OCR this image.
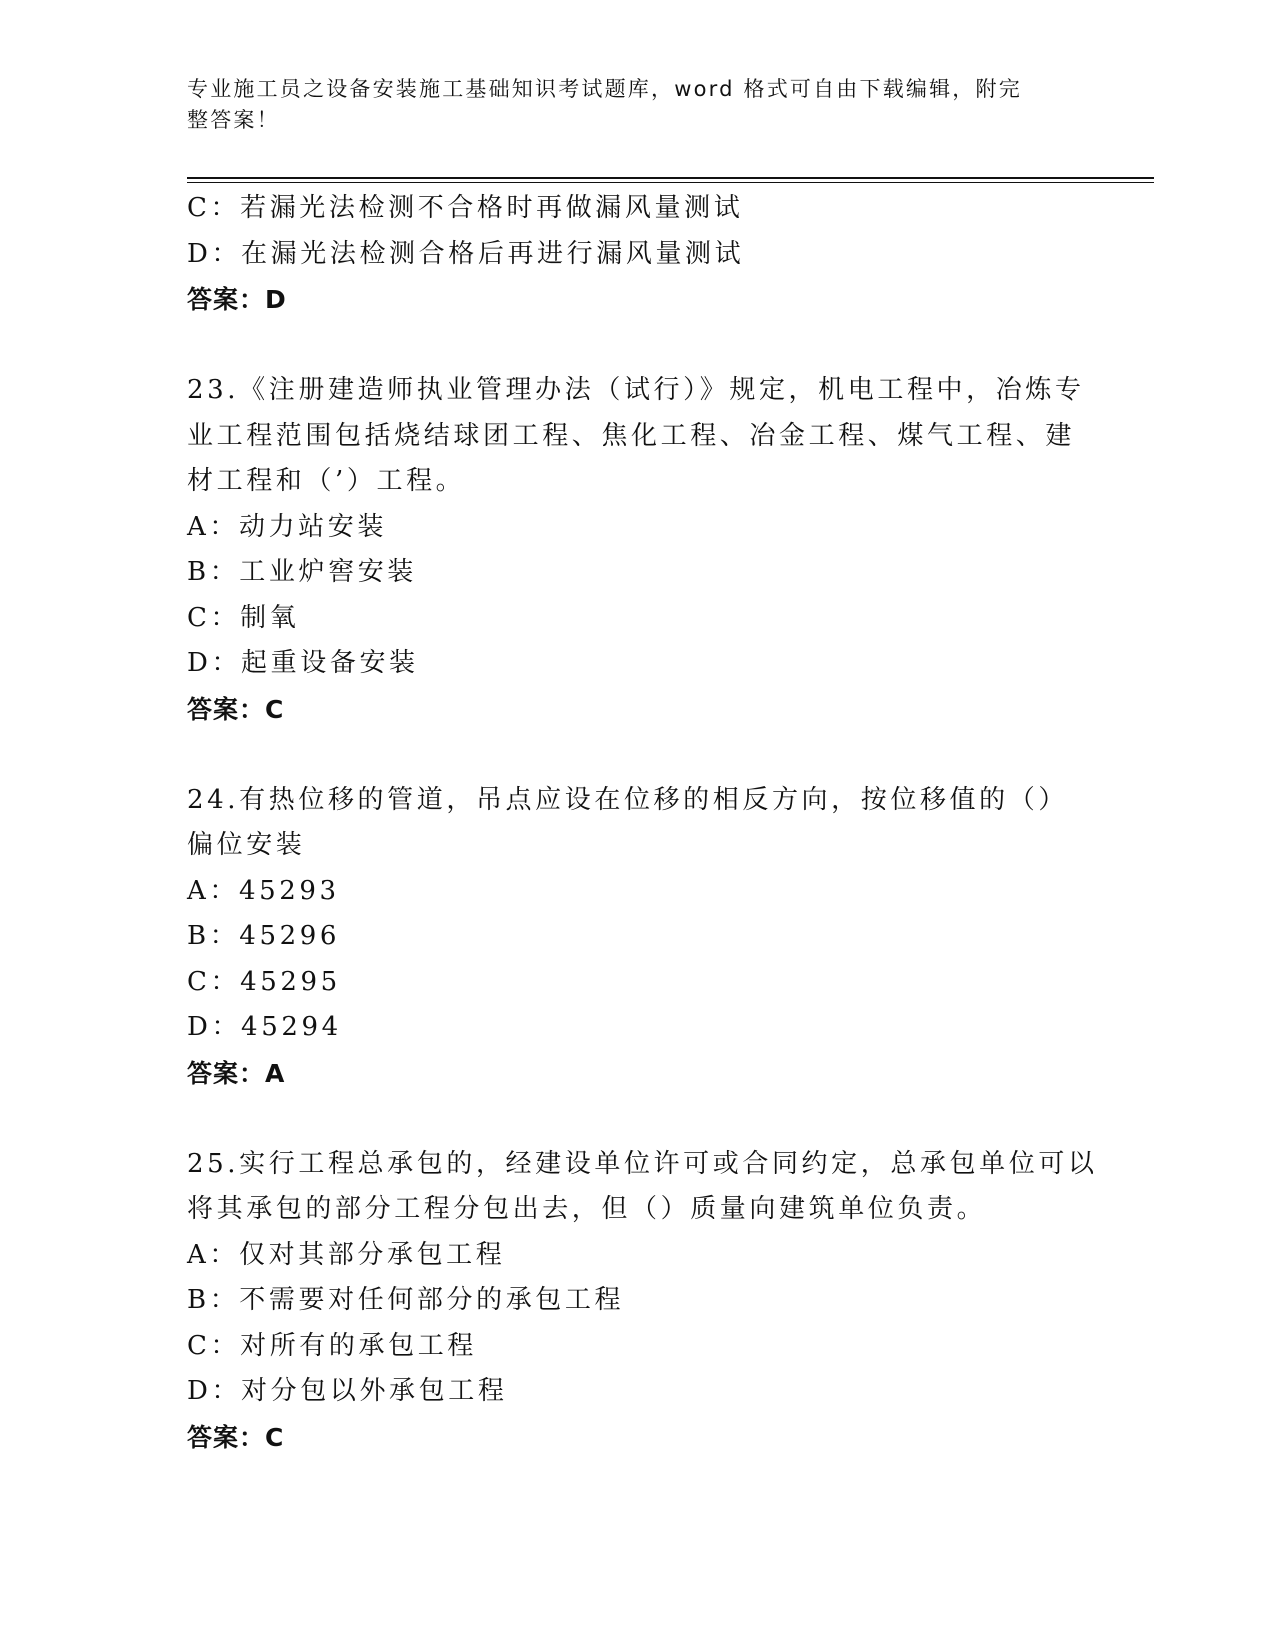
专业施工员之设备安装施工基础知识考试题库，word 格式可自由下载编辑，附完
整答案！
C：若漏光法检测不合格时再做漏风量测试
D：在漏光法检测合格后再进行漏风量测试
答案：D
23.《注册建造师执业管理办法（试行）》规定，机电工程中，冶炼专
业工程范围包括烧结球团工程、焦化工程、冶金工程、煤气工程、建
材工程和（’）工程。
A：动力站安装
B：工业炉窖安装
C：制氧
D：起重设备安装
答案：C
24.有热位移的管道，吊点应设在位移的相反方向，按位移值的（）
偏位安装
A：45293
B：45296
C：45295
D：45294
答案：A
25.实行工程总承包的，经建设单位许可或合同约定，总承包单位可以
将其承包的部分工程分包出去，但（）质量向建筑单位负责。
A：仅对其部分承包工程
B：不需要对任何部分的承包工程
C：对所有的承包工程
D：对分包以外承包工程
答案：C
